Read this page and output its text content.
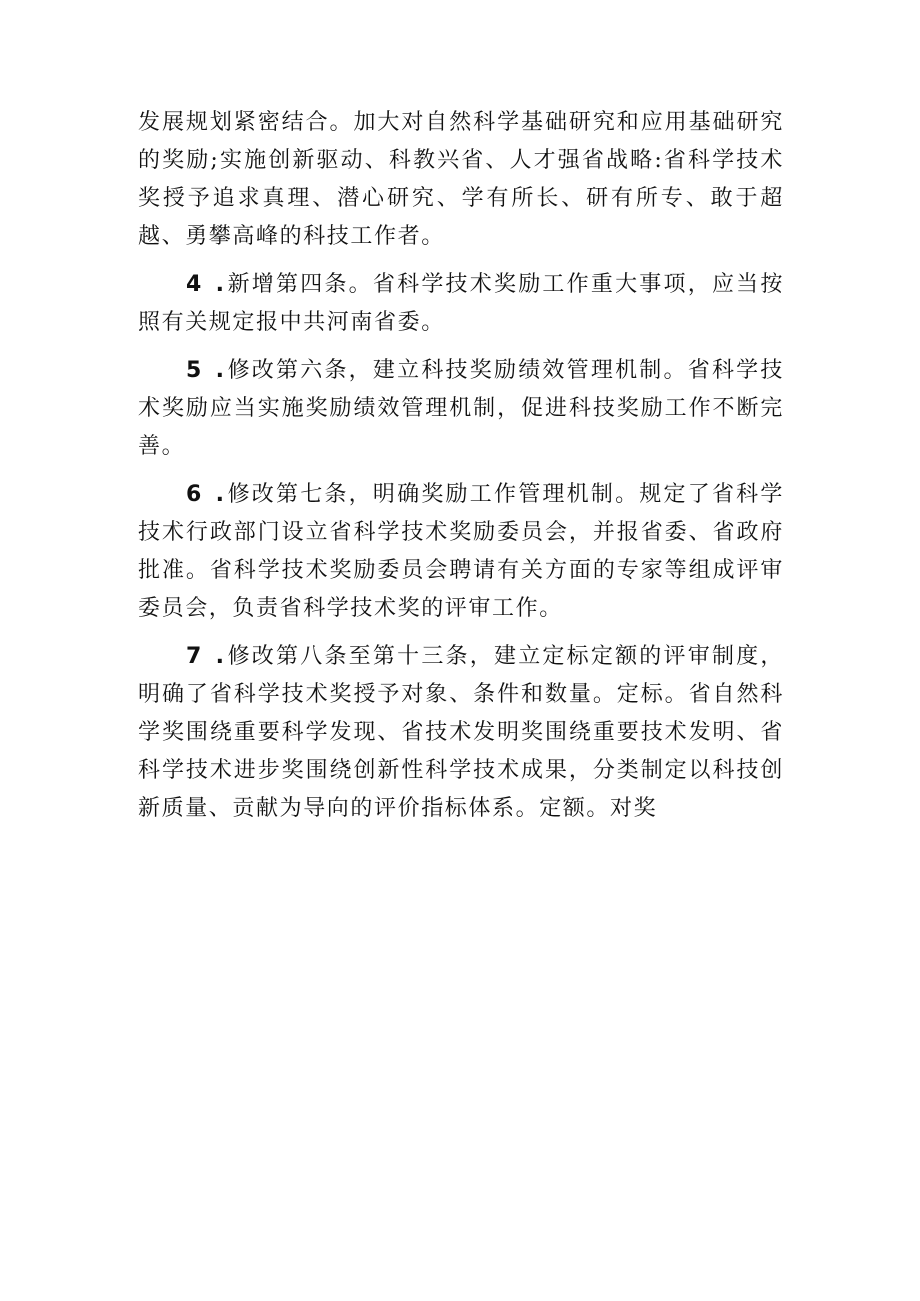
发展规划紧密结合。加大对自然科学基础研究和应用基础研究的奖励;实施创新驱动、科教兴省、人才强省战略:省科学技术奖授予追求真理、潜心研究、学有所长、研有所专、敢于超越、勇攀高峰的科技工作者。

4 .新增第四条。省科学技术奖励工作重大事项，应当按照有关规定报中共河南省委。

5 .修改第六条，建立科技奖励绩效管理机制。省科学技术奖励应当实施奖励绩效管理机制，促进科技奖励工作不断完善。

6 .修改第七条，明确奖励工作管理机制。规定了省科学技术行政部门设立省科学技术奖励委员会，并报省委、省政府批准。省科学技术奖励委员会聘请有关方面的专家等组成评审委员会，负责省科学技术奖的评审工作。

7 .修改第八条至第十三条，建立定标定额的评审制度，明确了省科学技术奖授予对象、条件和数量。定标。省自然科学奖围绕重要科学发现、省技术发明奖围绕重要技术发明、省科学技术进步奖围绕创新性科学技术成果，分类制定以科技创新质量、贡献为导向的评价指标体系。定额。对奖
